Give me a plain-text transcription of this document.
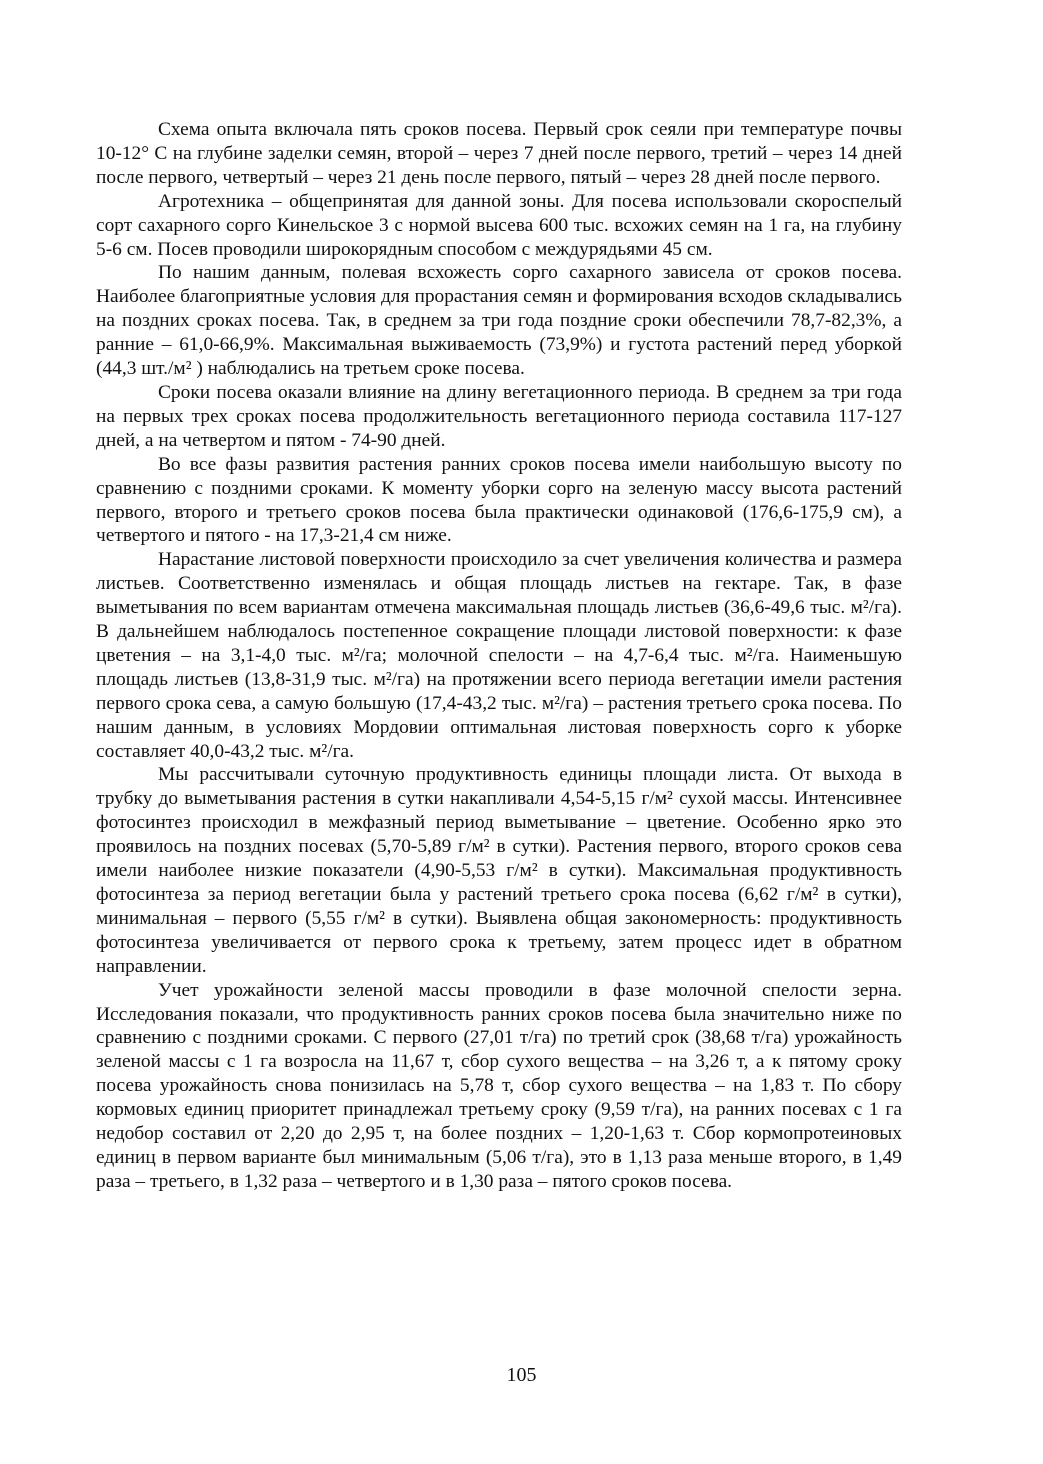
Схема опыта включала пять сроков посева. Первый срок сеяли при температуре почвы 10-12° С на глубине заделки семян, второй – через 7 дней после первого, третий – через 14 дней после первого, четвертый – через 21 день после первого, пятый – через 28 дней после первого.

Агротехника – общепринятая для данной зоны. Для посева использовали скороспелый сорт сахарного сорго Кинельское 3 с нормой высева 600 тыс. всхожих семян на 1 га, на глубину 5-6 см. Посев проводили широкорядным способом с междурядьями 45 см.

По нашим данным, полевая всхожесть сорго сахарного зависела от сроков посева. Наиболее благоприятные условия для прорастания семян и формирования всходов складывались на поздних сроках посева. Так, в среднем за три года поздние сроки обеспечили 78,7-82,3%, а ранние – 61,0-66,9%. Максимальная выживаемость (73,9%) и густота растений перед уборкой (44,3 шт./м² ) наблюдались на третьем сроке посева.

Сроки посева оказали влияние на длину вегетационного периода. В среднем за три года на первых трех сроках посева продолжительность вегетационного периода составила 117-127 дней, а на четвертом и пятом - 74-90 дней.

Во все фазы развития растения ранних сроков посева имели наибольшую высоту по сравнению с поздними сроками. К моменту уборки сорго на зеленую массу высота растений первого, второго и третьего сроков посева была практически одинаковой (176,6-175,9 см), а четвертого и пятого - на 17,3-21,4 см ниже.

Нарастание листовой поверхности происходило за счет увеличения количества и размера листьев. Соответственно изменялась и общая площадь листьев на гектаре. Так, в фазе выметывания по всем вариантам отмечена максимальная площадь листьев (36,6-49,6 тыс. м²/га). В дальнейшем наблюдалось постепенное сокращение площади листовой поверхности: к фазе цветения – на 3,1-4,0 тыс. м²/га; молочной спелости – на 4,7-6,4 тыс. м²/га. Наименьшую площадь листьев (13,8-31,9 тыс. м²/га) на протяжении всего периода вегетации имели растения первого срока сева, а самую большую (17,4-43,2 тыс. м²/га) – растения третьего срока посева. По нашим данным, в условиях Мордовии оптимальная листовая поверхность сорго к уборке составляет 40,0-43,2 тыс. м²/га.

Мы рассчитывали суточную продуктивность единицы площади листа. От выхода в трубку до выметывания растения в сутки накапливали 4,54-5,15 г/м² сухой массы. Интенсивнее фотосинтез происходил в межфазный период выметывание – цветение. Особенно ярко это проявилось на поздних посевах (5,70-5,89 г/м² в сутки). Растения первого, второго сроков сева имели наиболее низкие показатели (4,90-5,53 г/м² в сутки). Максимальная продуктивность фотосинтеза за период вегетации была у растений третьего срока посева (6,62 г/м² в сутки), минимальная – первого (5,55 г/м² в сутки). Выявлена общая закономерность: продуктивность фотосинтеза увеличивается от первого срока к третьему, затем процесс идет в обратном направлении.

Учет урожайности зеленой массы проводили в фазе молочной спелости зерна. Исследования показали, что продуктивность ранних сроков посева была значительно ниже по сравнению с поздними сроками. С первого (27,01 т/га) по третий срок (38,68 т/га) урожайность зеленой массы с 1 га возросла на 11,67 т, сбор сухого вещества – на 3,26 т, а к пятому сроку посева урожайность снова понизилась на 5,78 т, сбор сухого вещества – на 1,83 т. По сбору кормовых единиц приоритет принадлежал третьему сроку (9,59 т/га), на ранних посевах с 1 га недобор составил от 2,20 до 2,95 т, на более поздних – 1,20-1,63 т. Сбор кормопротеиновых единиц в первом варианте был минимальным (5,06 т/га), это в 1,13 раза меньше второго, в 1,49 раза – третьего, в 1,32 раза – четвертого и в 1,30 раза – пятого сроков посева.

105
